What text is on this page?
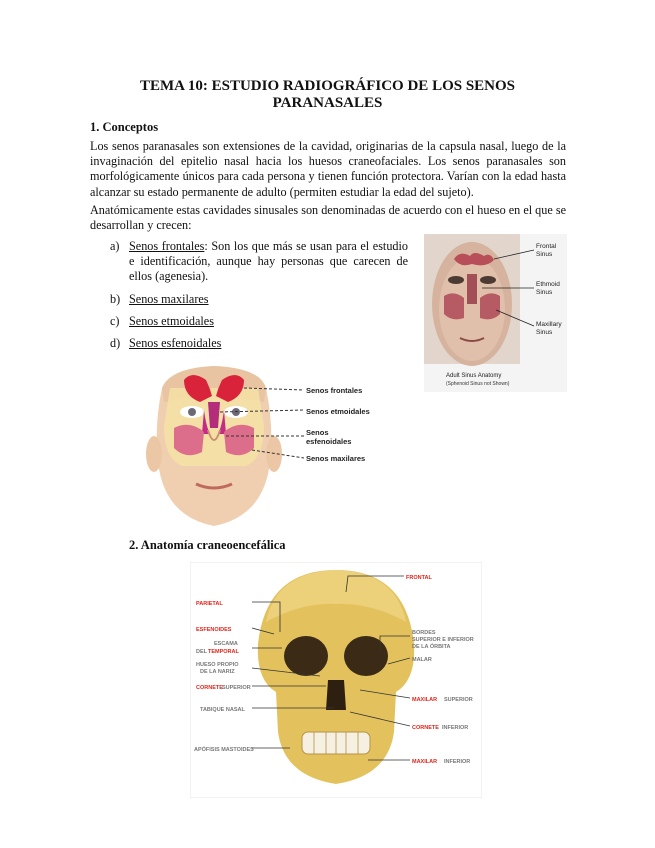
TEMA 10: ESTUDIO RADIOGRÁFICO DE LOS SENOS PARANASALES
1. Conceptos
Los senos paranasales son extensiones de la cavidad, originarias de la capsula nasal, luego de la invaginación del epitelio nasal hacia los huesos craneofaciales. Los senos paranasales son morfológicamente únicos para cada persona y tienen función protectora. Varían con la edad hasta alcanzar su estado permanente de adulto (permiten estudiar la edad del sujeto).
Anatómicamente estas cavidades sinusales son denominadas de acuerdo con el hueso en el que se desarrollan y crecen:
a) Senos frontales: Son los que más se usan para el estudio e identificación, aunque hay personas que carecen de ellos (agenesia).
b) Senos maxilares
c) Senos etmoidales
d) Senos esfenoidales
Frontal
Sinus
Ethmoid
Sinus
Maxillary
Sinus
Adult Sinus Anatomy
(Sphenoid Sinus not Shown)
Senos frontales
Senos etmoidales
Senos
esfenoidales
Senos maxilares
2. Anatomía craneoencefálica
PARIETAL
ESFENOIDES
ESCAMA
DEL TEMPORAL
HUESO PROPIO
DE LA NARIZ
CORNETE SUPERIOR
TABIQUE NASAL
APÓFISIS MASTOIDES
FRONTAL
BORDES
SUPERIOR E INFERIOR
DE LA ÓRBITA
MALAR
MAXILAR SUPERIOR
CORNETE INFERIOR
MAXILAR INFERIOR
